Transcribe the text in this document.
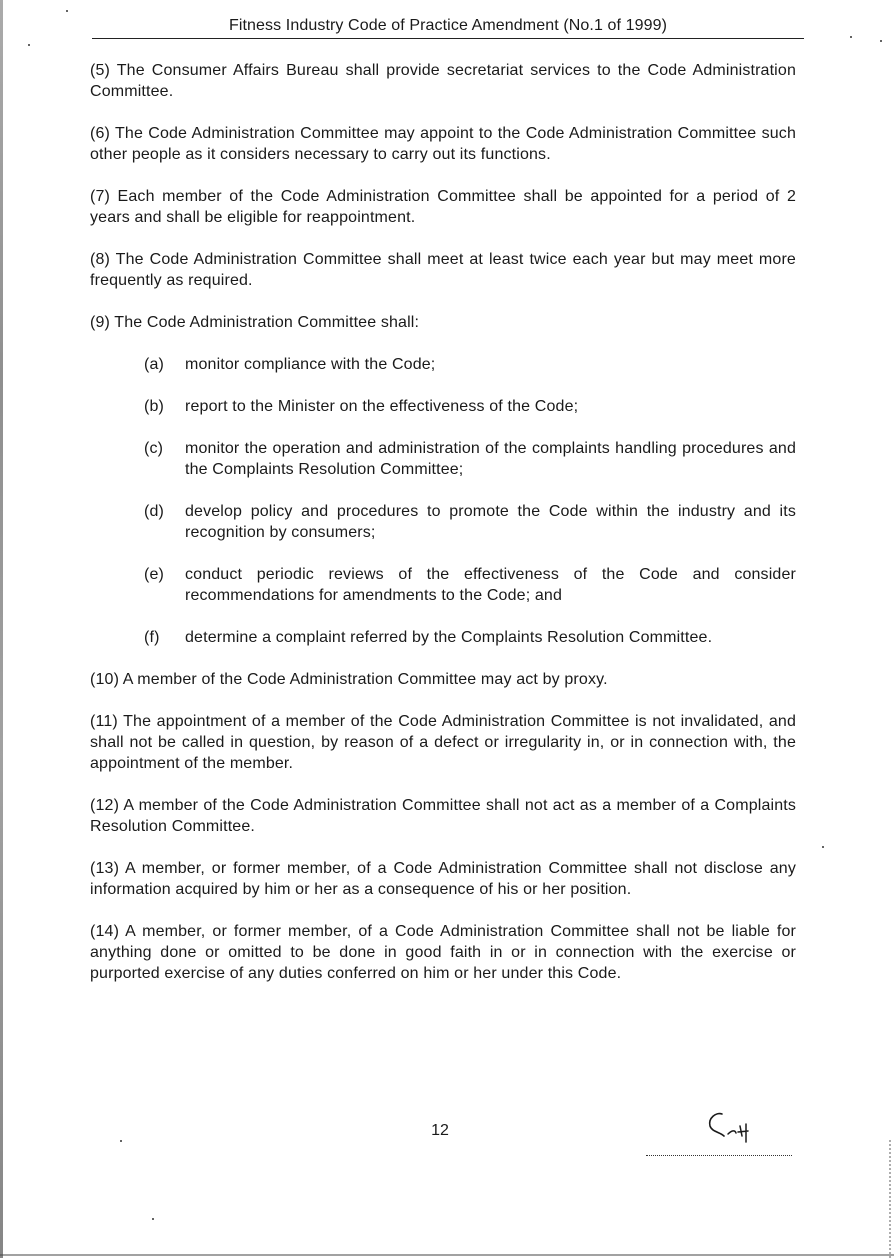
Fitness Industry Code of Practice Amendment (No.1 of 1999)

(5) The Consumer Affairs Bureau shall provide secretariat services to the Code Administration Committee.

(6) The Code Administration Committee may appoint to the Code Administration Committee such other people as it considers necessary to carry out its functions.

(7) Each member of the Code Administration Committee shall be appointed for a period of 2 years and shall be eligible for reappointment.

(8) The Code Administration Committee shall meet at least twice each year but may meet more frequently as required.

(9) The Code Administration Committee shall:

(a)	monitor compliance with the Code;
(b)	report to the Minister on the effectiveness of the Code;
(c)	monitor the operation and administration of the complaints handling procedures and the Complaints Resolution Committee;
(d)	develop policy and procedures to promote the Code within the industry and its recognition by consumers;
(e)	conduct periodic reviews of the effectiveness of the Code and consider recommendations for amendments to the Code; and
(f)	determine a complaint referred by the Complaints Resolution Committee.

(10) A member of the Code Administration Committee may act by proxy.

(11) The appointment of a member of the Code Administration Committee is not invalidated, and shall not be called in question, by reason of a defect or irregularity in, or in connection with, the appointment of the member.

(12) A member of the Code Administration Committee shall not act as a member of a Complaints Resolution Committee.

(13) A member, or former member, of a Code Administration Committee shall not disclose any information acquired by him or her as a consequence of his or her position.

(14) A member, or former member, of a Code Administration Committee shall not be liable for anything done or omitted to be done in good faith in or in connection with the exercise or purported exercise of any duties conferred on him or her under this Code.

12
